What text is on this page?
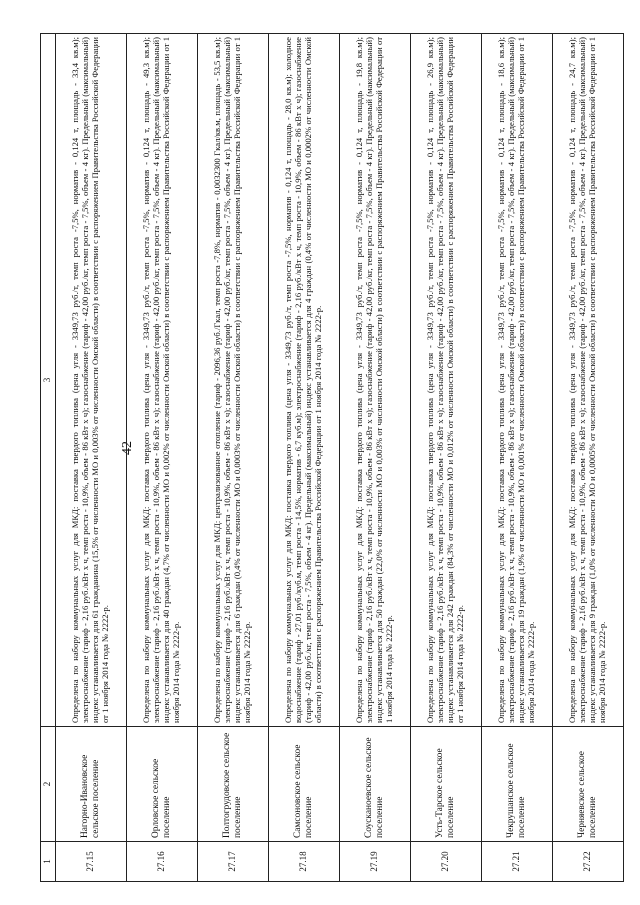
42
1	2	3
27.15	Нагорно-Ивановское сельское поселение	Определена по набору коммунальных услуг для МКД: поставка твердого топлива (цена угля - 3349,73 руб./т, темп роста -7,5%, норматив - 0,124 т, площадь - 33,4 кв.м); электроснабжение (тариф - 2,16 руб./кВт х ч, темп роста - 10,9%, объем - 86 кВт х ч); газоснабжение (тариф - 42,00 руб./кг, темп роста - 7,5%, объем - 4 кг). Предельный (максимальный) индекс устанавливается для 61 гражданина (15,5% от численности МО и 0,003% от численности Омской области) в соответствии с распоряжением Правительства Российской Федерации от 1 ноября 2014 года № 2222-р.
27.16	Орловское сельское поселение	Определена по набору коммунальных услуг для МКД: поставка твердого топлива (цена угля - 3349,73 руб./т, темп роста -7,5%, норматив - 0,124 т, площадь - 49,3 кв.м); электроснабжение (тариф - 2,16 руб./кВт х ч, темп роста - 10,9%, объем - 86 кВт х ч); газоснабжение (тариф - 42,00 руб./кг, темп роста - 7,5%, объем - 4 кг). Предельный (максимальный) индекс устанавливается для 40 граждан (4,7% от численности МО и 0,002% от численности Омской области) в соответствии с распоряжением Правительства Российской Федерации от 1 ноября 2014 года № 2222-р.
27.17	Полтогрудовское сельское поселение	Определена по набору коммунальных услуг для МКД: централизованное отопление (тариф - 2096,36 руб./Гкал, темп роста -7,8%, норматив - 0,0032300 Гкал/кв.м, площадь - 53,5 кв.м); электроснабжение (тариф - 2,16 руб./кВт х ч, темп роста - 10,9%, объем - 86 кВт х ч); газоснабжение (тариф - 42,00 руб./кг, темп роста - 7,5%, объем - 4 кг). Предельный (максимальный) индекс устанавливается для 6 граждан (0,4% от численности МО и 0,0003% от численности Омской области) в соответствии с распоряжением Правительства Российской Федерации от 1 ноября 2014 года № 2222-р.
27.18	Самсоновское сельское поселение	Определена по набору коммунальных услуг для МКД: поставка твердого топлива (цена угля - 3349,73 руб./т, темп роста -7,5%, норматив - 0,124 т, площадь - 28,0 кв.м); холодное водоснабжение (тариф - 27,01 руб./куб.м, темп роста - 14,5%, норматив - 6,7 куб.м); электроснабжение (тариф - 2,16 руб./кВт х ч, темп роста - 10,9%, объем - 86 кВт х ч); газоснабжение (тариф - 42,00 руб./кг, темп роста - 7,5%, объем - 4 кг). Предельный (максимальный) индекс устанавливается для 4 граждан (0,4% от численности МО и 0,0002% от численности Омской области) в соответствии с распоряжением Правительства Российской Федерации от 1 ноября 2014 года № 2222-р.
27.19	Соусканоевское сельское поселение	Определена по набору коммунальных услуг для МКД: поставка твердого топлива (цена угля - 3349,73 руб./т, темп роста -7,5%, норматив - 0,124 т, площадь - 19,8 кв.м); электроснабжение (тариф - 2,16 руб./кВт х ч, темп роста - 10,9%, объем - 86 кВт х ч); газоснабжение (тариф - 42,00 руб./кг, темп роста - 7,5%, объем - 4 кг). Предельный (максимальный) индекс устанавливается для 50 граждан (22,0% от численности МО и 0,003% от численности Омской области) в соответствии с распоряжением Правительства Российской Федерации от 1 ноября 2014 года № 2222-р.
27.20	Усть-Тарское сельское поселение	Определена по набору коммунальных услуг для МКД: поставка твердого топлива (цена угля - 3349,73 руб./т, темп роста -7,5%, норматив - 0,124 т, площадь - 26,9 кв.м); электроснабжение (тариф - 2,16 руб./кВт х ч, темп роста - 10,9%, объем - 86 кВт х ч); газоснабжение (тариф - 42,00 руб./кг, темп роста - 7,5%, объем - 4 кг). Предельный (максимальный) индекс устанавливается для 242 граждан (84,3% от численности МО и 0,012% от численности Омской области) в соответствии с распоряжением Правительства Российской Федерации от 1 ноября 2014 года № 2222-р.
27.21	Чекрушанское сельское поселение	Определена по набору коммунальных услуг для МКД: поставка твердого топлива (цена угля - 3349,73 руб./т, темп роста -7,5%, норматив - 0,124 т, площадь - 18,6 кв.м); электроснабжение (тариф - 2,16 руб./кВт х ч, темп роста - 10,9%, объем - 86 кВт х ч); газоснабжение (тариф - 42,00 руб./кг, темп роста - 7,5%, объем - 4 кг). Предельный (максимальный) индекс устанавливается для 19 граждан (1,9% от численности МО и 0,001% от численности Омской области) в соответствии с распоряжением Правительства Российской Федерации от 1 ноября 2014 года № 2222-р.
27.22	Черняевское сельское поселение	Определена по набору коммунальных услуг для МКД: поставка твердого топлива (цена угля - 3349,73 руб./т, темп роста -7,5%, норматив - 0,124 т, площадь - 24,7 кв.м); электроснабжение (тариф - 2,16 руб./кВт х ч, темп роста - 10,9%, объем - 86 кВт х ч); газоснабжение (тариф - 42,00 руб./кг, темп роста - 7,5%, объем - 4 кг). Предельный (максимальный) индекс устанавливается для 9 граждан (1,0% от численности МО и 0,0005% от численности Омской области) в соответствии с распоряжением Правительства Российской Федерации от 1 ноября 2014 года № 2222-р.
